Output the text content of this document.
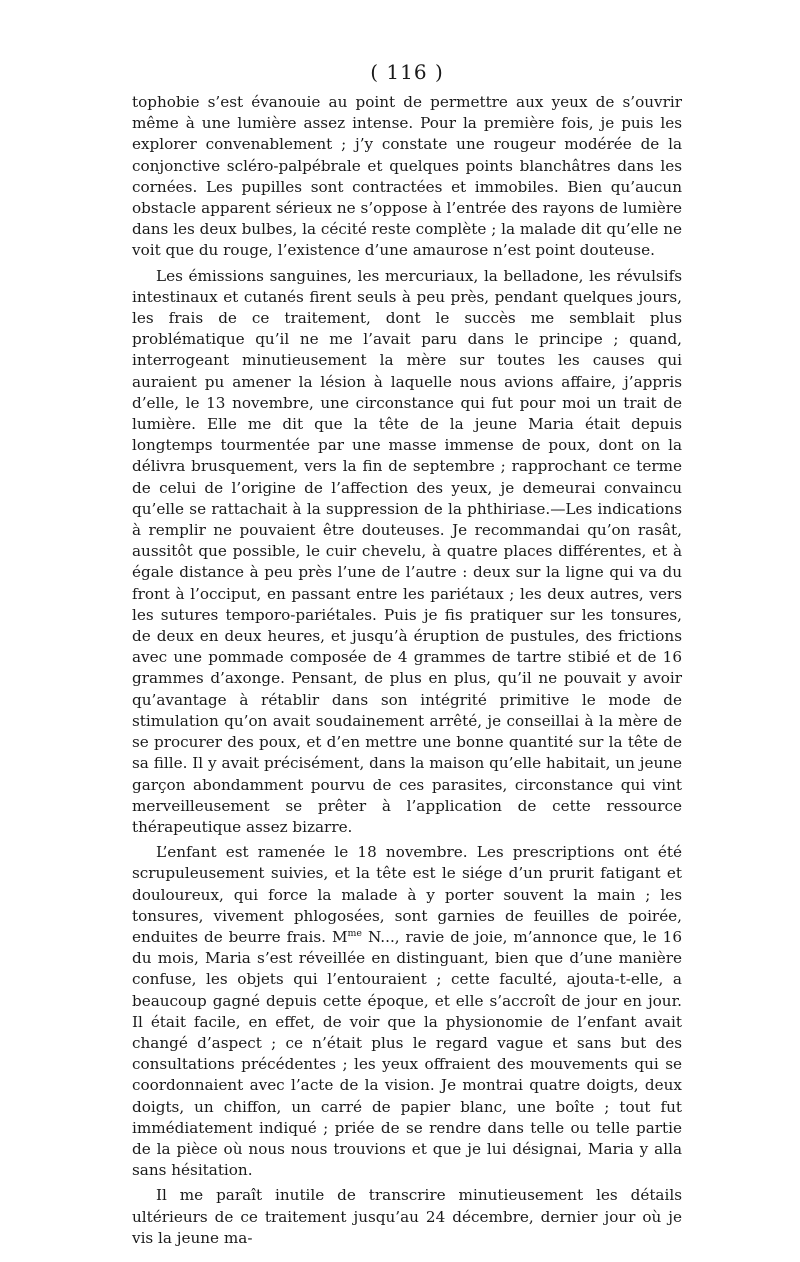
( 116 )

tophobie s’est évanouie au point de permettre aux yeux de s’ouvrir même à une lumière assez intense. Pour la première fois, je puis les explorer convenablement ; j’y constate une rougeur modérée de la conjonctive scléro-palpébrale et quelques points blanchâtres dans les cornées. Les pupilles sont contractées et immobiles. Bien qu’aucun obstacle apparent sérieux ne s’oppose à l’entrée des rayons de lumière dans les deux bulbes, la cécité reste complète ; la malade dit qu’elle ne voit que du rouge, l’existence d’une amaurose n’est point douteuse.

Les émissions sanguines, les mercuriaux, la belladone, les révulsifs intestinaux et cutanés firent seuls à peu près, pendant quelques jours, les frais de ce traitement, dont le succès me semblait plus problématique qu’il ne me l’avait paru dans le principe ; quand, interrogeant minutieusement la mère sur toutes les causes qui auraient pu amener la lésion à laquelle nous avions affaire, j’appris d’elle, le 13 novembre, une circonstance qui fut pour moi un trait de lumière. Elle me dit que la tête de la jeune Maria était depuis longtemps tourmentée par une masse immense de poux, dont on la délivra brusquement, vers la fin de septembre ; rapprochant ce terme de celui de l’origine de l’affection des yeux, je demeurai convaincu qu’elle se rattachait à la suppression de la phthiriase.—Les indications à remplir ne pouvaient être douteuses. Je recommandai qu’on rasât, aussitôt que possible, le cuir chevelu, à quatre places différentes, et à égale distance à peu près l’une de l’autre : deux sur la ligne qui va du front à l’occiput, en passant entre les pariétaux ; les deux autres, vers les sutures temporo-pariétales. Puis je fis pratiquer sur les tonsures, de deux en deux heures, et jusqu’à éruption de pustules, des frictions avec une pommade composée de 4 grammes de tartre stibié et de 16 grammes d’axonge. Pensant, de plus en plus, qu’il ne pouvait y avoir qu’avantage à rétablir dans son intégrité primitive le mode de stimulation qu’on avait soudainement arrêté, je conseillai à la mère de se procurer des poux, et d’en mettre une bonne quantité sur la tête de sa fille. Il y avait précisément, dans la maison qu’elle habitait, un jeune garçon abondamment pourvu de ces parasites, circonstance qui vint merveilleusement se prêter à l’application de cette ressource thérapeutique assez bizarre.

L’enfant est ramenée le 18 novembre. Les prescriptions ont été scrupuleusement suivies, et la tête est le siége d’un prurit fatigant et douloureux, qui force la malade à y porter souvent la main ; les tonsures, vivement phlogosées, sont garnies de feuilles de poirée, enduites de beurre frais. $M^{me}$ N..., ravie de joie, m’annonce que, le 16 du mois, Maria s’est réveillée en distinguant, bien que d’une manière confuse, les objets qui l’entouraient ; cette faculté, ajouta-t-elle, a beaucoup gagné depuis cette époque, et elle s’accroît de jour en jour. Il était facile, en effet, de voir que la physionomie de l’enfant avait changé d’aspect ; ce n’était plus le regard vague et sans but des consultations précédentes ; les yeux offraient des mouvements qui se coordonnaient avec l’acte de la vision. Je montrai quatre doigts, deux doigts, un chiffon, un carré de papier blanc, une boîte ; tout fut immédiatement indiqué ; priée de se rendre dans telle ou telle partie de la pièce où nous nous trouvions et que je lui désignai, Maria y alla sans hésitation.

Il me paraît inutile de transcrire minutieusement les détails ultérieurs de ce traitement jusqu’au 24 décembre, dernier jour où je vis la jeune ma-
